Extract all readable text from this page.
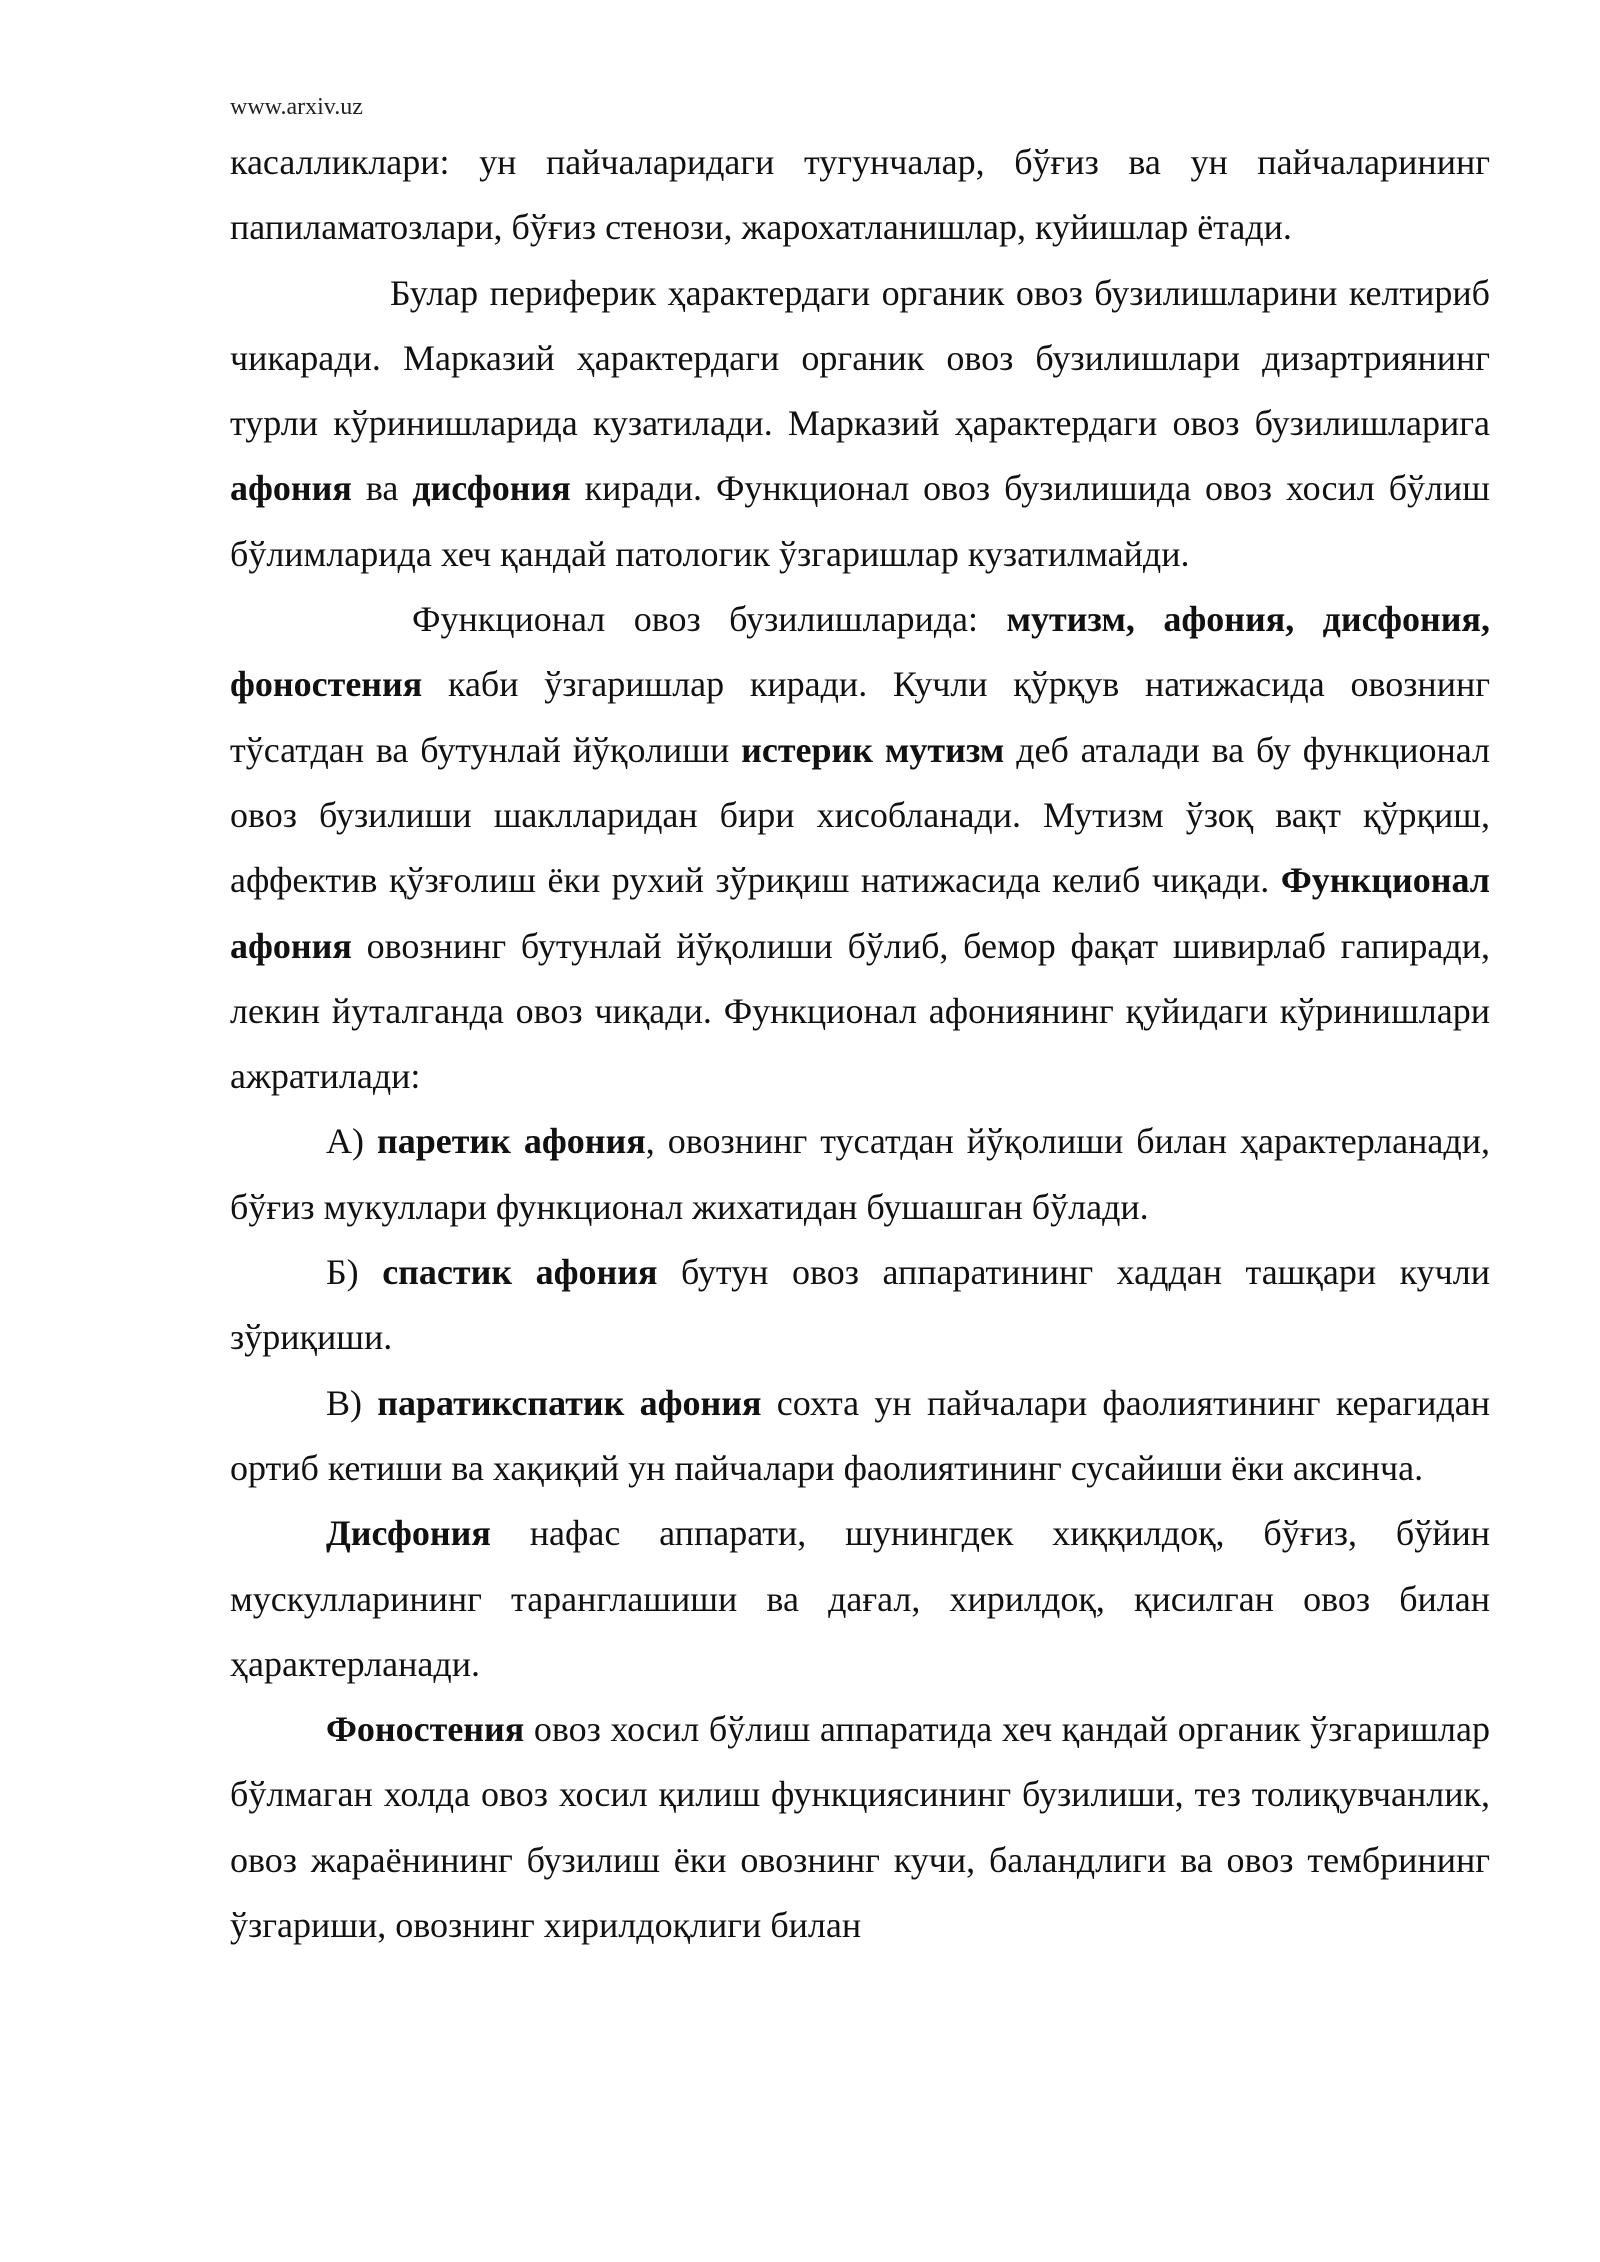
www.arxiv.uz

касалликлари: ун пайчаларидаги тугунчалар, бўғиз ва ун пайчаларининг папиламатозлари, бўғиз стенози, жарохатланишлар, куйишлар ётади.

Булар периферик ҳарактердаги органик овоз бузилишларини келтириб чикаради. Марказий ҳарактердаги органик овоз бузилишлари дизартриянинг турли кўринишларида кузатилади. Марказий ҳарактердаги овоз бузилишларига афония ва дисфония киради. Функционал овоз бузилишида овоз хосил бўлиш бўлимларида хеч қандай патологик ўзгаришлар кузатилмайди.

Функционал овоз бузилишларида: мутизм, афония, дисфония, фоностения каби ўзгаришлар киради. Кучли қўрқув натижасида овознинг тўсатдан ва бутунлай йўқолиши истерик мутизм деб аталади ва бу функционал овоз бузилиши шаклларидан бири хисобланади. Мутизм ўзоқ вақт қўрқиш, аффектив қўзғолиш ёки рухий зўриқиш натижасида келиб чиқади. Функционал афония овознинг бутунлай йўқолиши бўлиб, бемор фақат шивирлаб гапиради, лекин йуталганда овоз чиқади. Функционал афониянинг қуйидаги кўринишлари ажратилади:

А) паретик афония, овознинг тусатдан йўқолиши билан ҳарактерланади, бўғиз мукуллари функционал жихатидан бушашган бўлади.

Б) спастик афония бутун овоз аппаратининг хаддан ташқари кучли зўриқиши.

В) паратикспатик афония сохта ун пайчалари фаолиятининг керагидан ортиб кетиши ва хақиқий ун пайчалари фаолиятининг сусайиши ёки аксинча.

Дисфония нафас аппарати, шунингдек хиққилдоқ, бўғиз, бўйин мускулларининг таранглашиши ва дағал, хирилдоқ, қисилган овоз билан ҳарактерланади.

Фоностения овоз хосил бўлиш аппаратида хеч қандай органик ўзгаришлар бўлмаган холда овоз хосил қилиш функциясининг бузилиши, тез толиқувчанлик, овоз жараёнининг бузилиш ёки овознинг кучи, баландлиги ва овоз тембрининг ўзгариши, овознинг хирилдоқлиги билан
